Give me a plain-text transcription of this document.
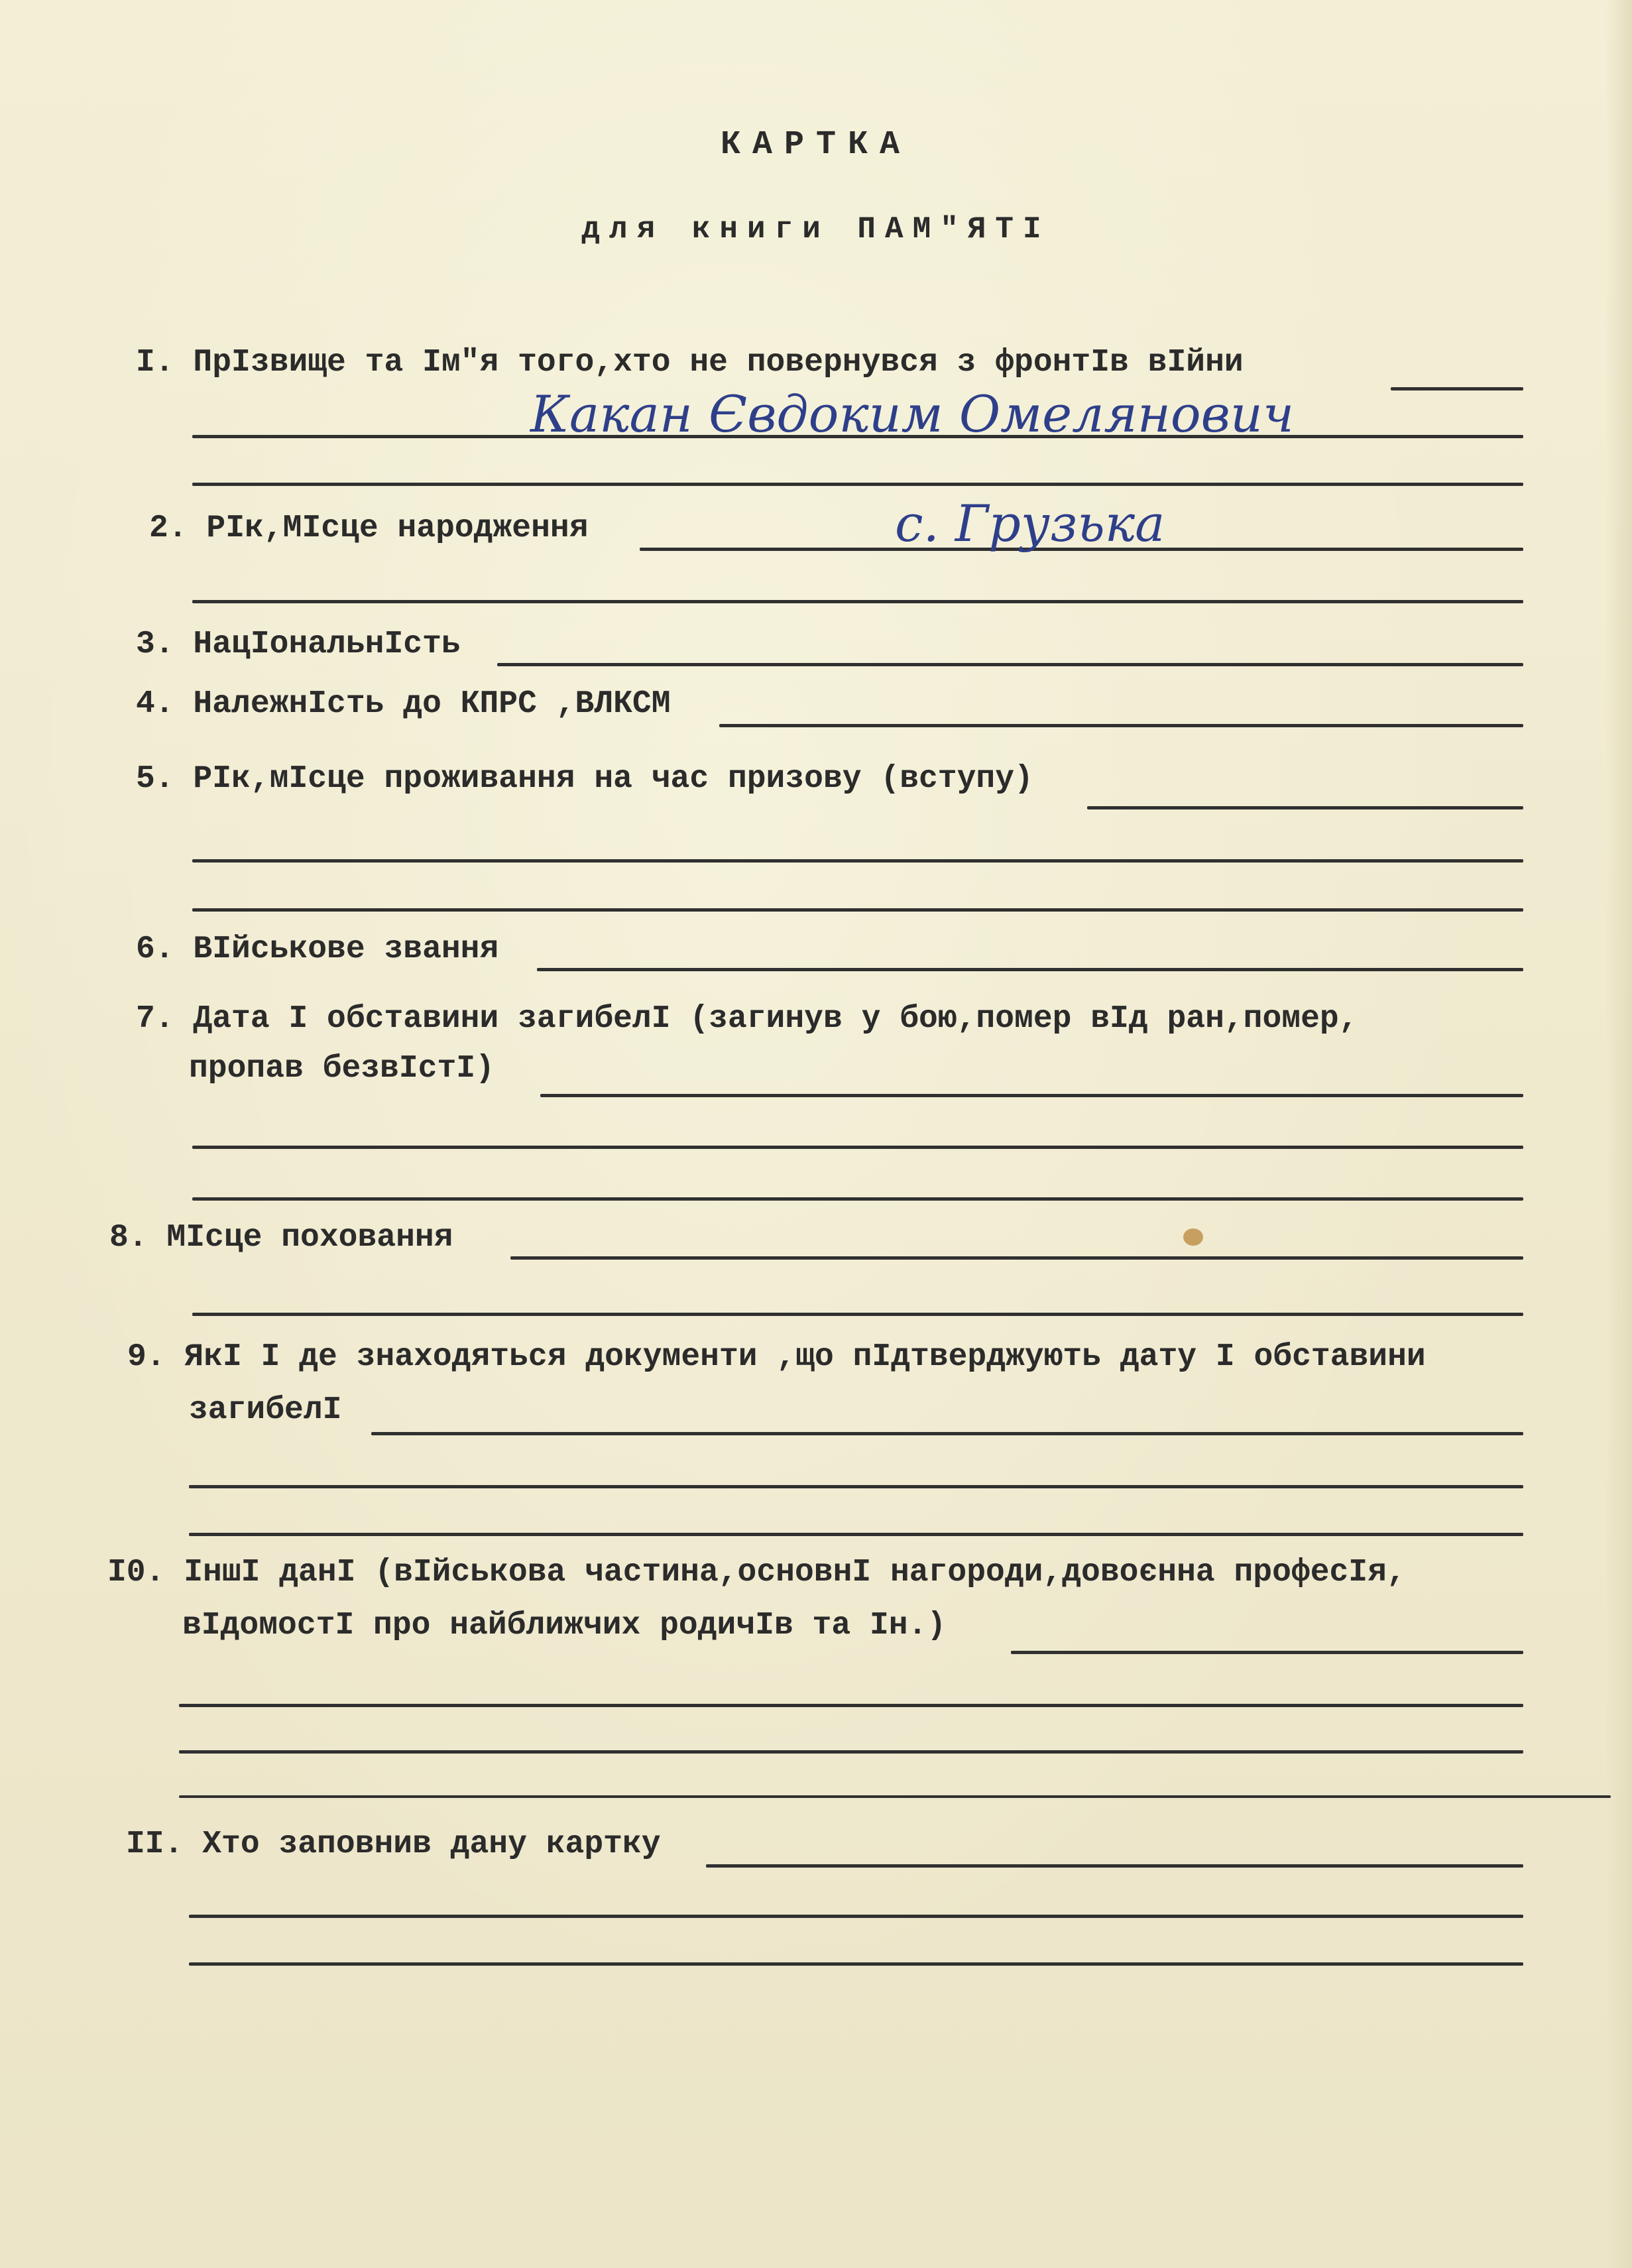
КАРТКА
для книги ПАМ"ЯТІ
І. ПрІзвище та Ім"я того,хто не повернувся з фронтІв вІйни
Какан Євдоким Омелянович
2. РІк,МІсце народження	с. Грузька
3. НацІональнІсть
4. НалежнІсть до КПРС ,ВЛКСМ
5. РІк,мІсце проживання на час призову (вступу)
6. ВІйськове звання
7. Дата І обставини загибелІ (загинув у бою,помер вІд ран,помер,
пропав безвІстІ)
8. МІсце поховання
9. ЯкІ І де знаходяться документи ,що пІдтверджують дату І обставини
загибелІ
І0. ІншІ данІ (вІйськова частина,основнІ нагороди,довоєнна професІя,
вІдомостІ про найближчих родичІв та Ін.)
ІІ. Хто заповнив дану картку
